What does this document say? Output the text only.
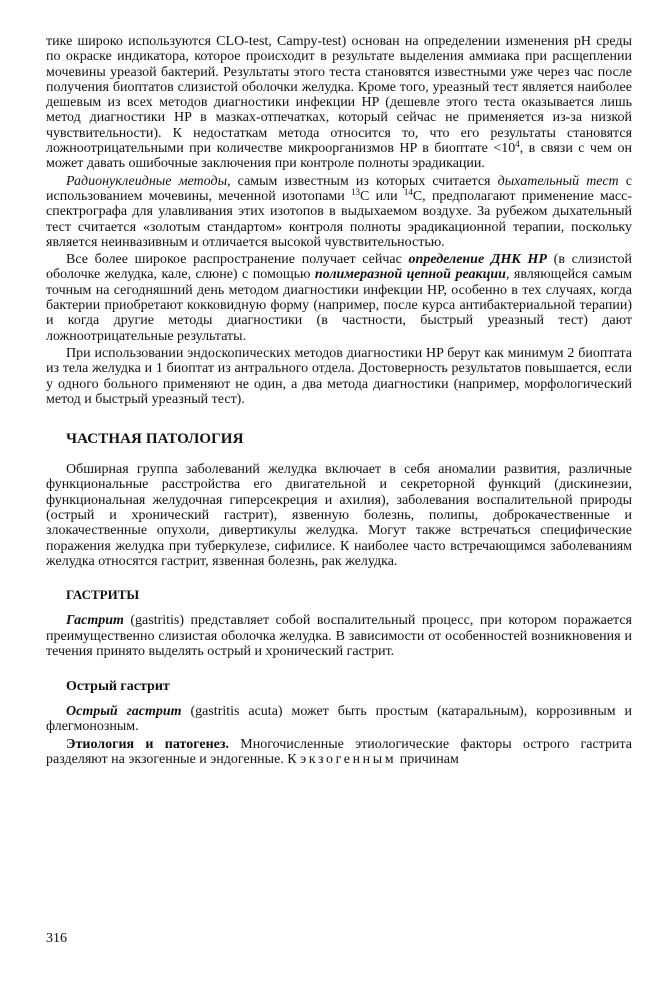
тике широко используются CLO-test, Campy-test) основан на определении изменения pH среды по окраске индикатора, которое происходит в результате выделения аммиака при расщеплении мочевины уреазой бактерий. Результаты этого теста становятся известными уже через час после получения биоптатов слизистой оболочки желудка. Кроме того, уреазный тест является наиболее дешевым из всех методов диагностики инфекции HP (дешевле этого теста оказывается лишь метод диагностики HP в мазках-отпечатках, который сейчас не применяется из-за низкой чувствительности). К недостаткам метода относится то, что его результаты становятся ложноотрицательными при количестве микроорганизмов HP в биоптате $<10^4$, в связи с чем он может давать ошибочные заключения при контроле полноты эрадикации.

Радионуклеидные методы, самым известным из которых считается дыхательный тест с использованием мочевины, меченной изотопами $^{13}$C или $^{14}$C, предполагают применение масс-спектрографа для улавливания этих изотопов в выдыхаемом воздухе. За рубежом дыхательный тест считается «золотым стандартом» контроля полноты эрадикационной терапии, поскольку является неинвазивным и отличается высокой чувствительностью.

Все более широкое распространение получает сейчас определение ДНК HP (в слизистой оболочке желудка, кале, слюне) с помощью полимеразной цепной реакции, являющейся самым точным на сегодняшний день методом диагностики инфекции HP, особенно в тех случаях, когда бактерии приобретают кокковидную форму (например, после курса антибактериальной терапии) и когда другие методы диагностики (в частности, быстрый уреазный тест) дают ложноотрицательные результаты.

При использовании эндоскопических методов диагностики HP берут как минимум 2 биоптата из тела желудка и 1 биоптат из антрального отдела. Достоверность результатов повышается, если у одного больного применяют не один, а два метода диагностики (например, морфологический метод и быстрый уреазный тест).

ЧАСТНАЯ ПАТОЛОГИЯ

Обширная группа заболеваний желудка включает в себя аномалии развития, различные функциональные расстройства его двигательной и секреторной функций (дискинезии, функциональная желудочная гиперсекреция и ахилия), заболевания воспалительной природы (острый и хронический гастрит), язвенную болезнь, полипы, доброкачественные и злокачественные опухоли, дивертикулы желудка. Могут также встречаться специфические поражения желудка при туберкулезе, сифилисе. К наиболее часто встречающимся заболеваниям желудка относятся гастрит, язвенная болезнь, рак желудка.

ГАСТРИТЫ

Гастрит (gastritis) представляет собой воспалительный процесс, при котором поражается преимущественно слизистая оболочка желудка. В зависимости от особенностей возникновения и течения принято выделять острый и хронический гастрит.

Острый гастрит

Острый гастрит (gastritis acuta) может быть простым (катаральным), коррозивным и флегмонозным.

Этиология и патогенез. Многочисленные этиологические факторы острого гастрита разделяют на экзогенные и эндогенные. К экзогенным причинам

316
